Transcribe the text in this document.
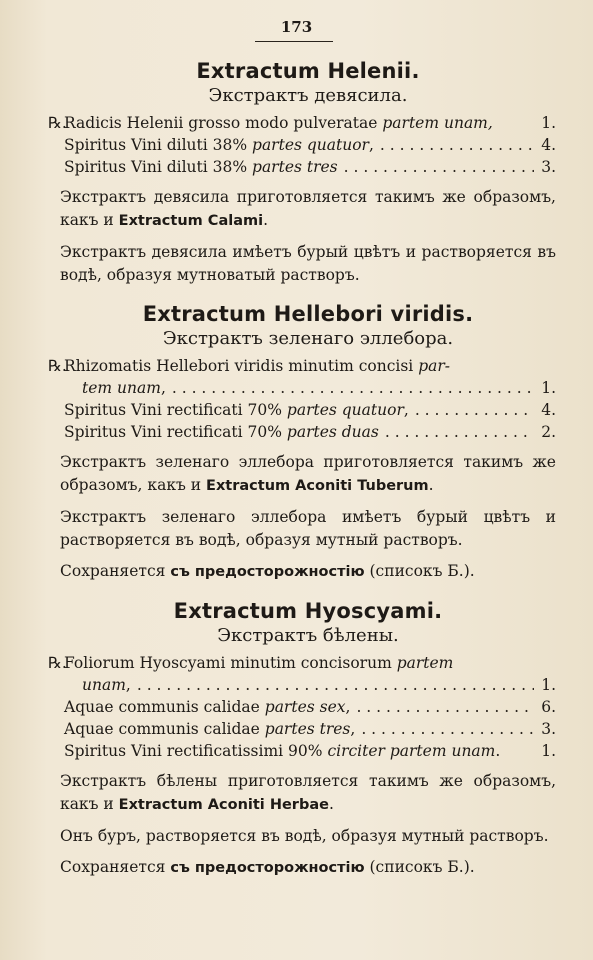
173
Extractum Helenii.
Экстрактъ девясила.
℞.
Radicis Helenii grosso modo pulveratae partem unam,	1.
Spiritus Vini diluti 38% partes quatuor, . . .	4.
Spiritus Vini diluti 38% partes tres . . .	3.

Экстрактъ девясила приготовляется такимъ же образомъ, какъ и Extractum Calami.

Экстрактъ девясила имѣетъ бурый цвѣтъ и растворяется въ водѣ, образуя мутноватый растворъ.

Extractum Hellebori viridis.
Экстрактъ зеленаго эллебора.
℞.
Rhizomatis Hellebori viridis minutim concisi par-
tem unam, . . .	1.
Spiritus Vini rectificati 70% partes quatuor, . . .	4.
Spiritus Vini rectificati 70% partes duas . . .	2.

Экстрактъ зеленаго эллебора приготовляется такимъ же образомъ, какъ и Extractum Aconiti Tuberum.

Экстрактъ зеленаго эллебора имѣетъ бурый цвѣтъ и растворяется въ водѣ, образуя мутный растворъ.

Сохраняется съ предосторожностію (списокъ Б.).

Extractum Hyoscyami.
Экстрактъ бѣлены.
℞.
Foliorum Hyoscyami minutim concisorum partem
unam, . . .	1.
Aquae communis calidae partes sex, . . .	6.
Aquae communis calidae partes tres, . . .	3.
Spiritus Vini rectificatissimi 90% circiter partem unam.	1.

Экстрактъ бѣлены приготовляется такимъ же образомъ, какъ и Extractum Aconiti Herbae.

Онъ буръ, растворяется въ водѣ, образуя мутный растворъ.

Сохраняется съ предосторожностію (списокъ Б.).
